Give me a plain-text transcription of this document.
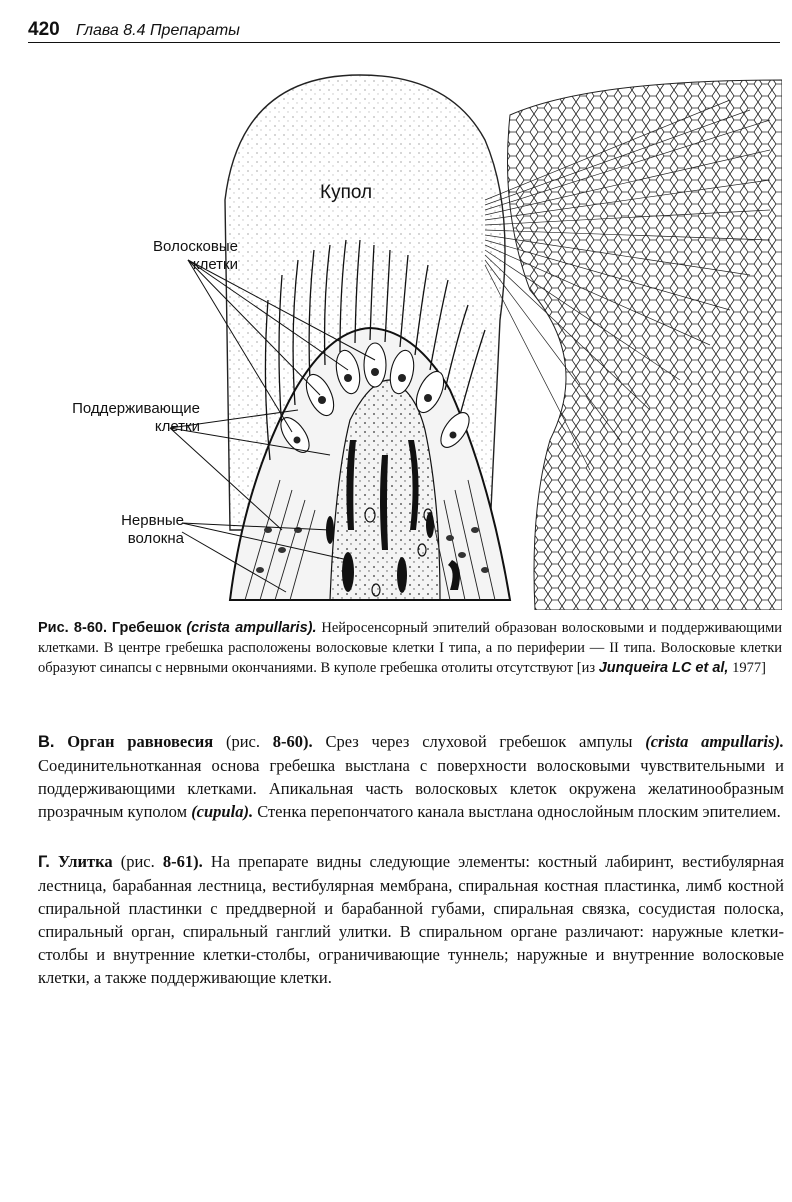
420 Глава 8.4 Препараты
Купол
Волосковые
клетки
Поддерживающие
клетки
Нервные
волокна
Рис. 8-60. Гребешок (crista ampullaris). Нейросенсорный эпителий образован волосковыми и поддерживающими клетками. В центре гребешка расположены волосковые клетки I типа, а по периферии — II типа. Волосковые клетки образуют синапсы с нервными окончаниями. В куполе гребешка отолиты отсутствуют [из Junqueira LC et al, 1977]
В. Орган равновесия (рис. 8-60). Срез через слуховой гребешок ампулы (crista ampullaris). Соединительнотканная основа гребешка выстлана с поверхности волосковыми чувствительными и поддерживающими клетками. Апикальная часть волосковых клеток окружена желатинообразным прозрачным куполом (cupula). Стенка перепончатого канала выстлана однослойным плоским эпителием.
Г. Улитка (рис. 8-61). На препарате видны следующие элементы: костный лабиринт, вестибулярная лестница, барабанная лестница, вестибулярная мембрана, спиральная костная пластинка, лимб костной спиральной пластинки с преддверной и барабанной губами, спиральная связка, сосудистая полоска, спиральный орган, спиральный ганглий улитки. В спиральном органе различают: наружные клетки-столбы и внутренние клетки-столбы, ограничивающие туннель; наружные и внутренние волосковые клетки, а также поддерживающие клетки.
